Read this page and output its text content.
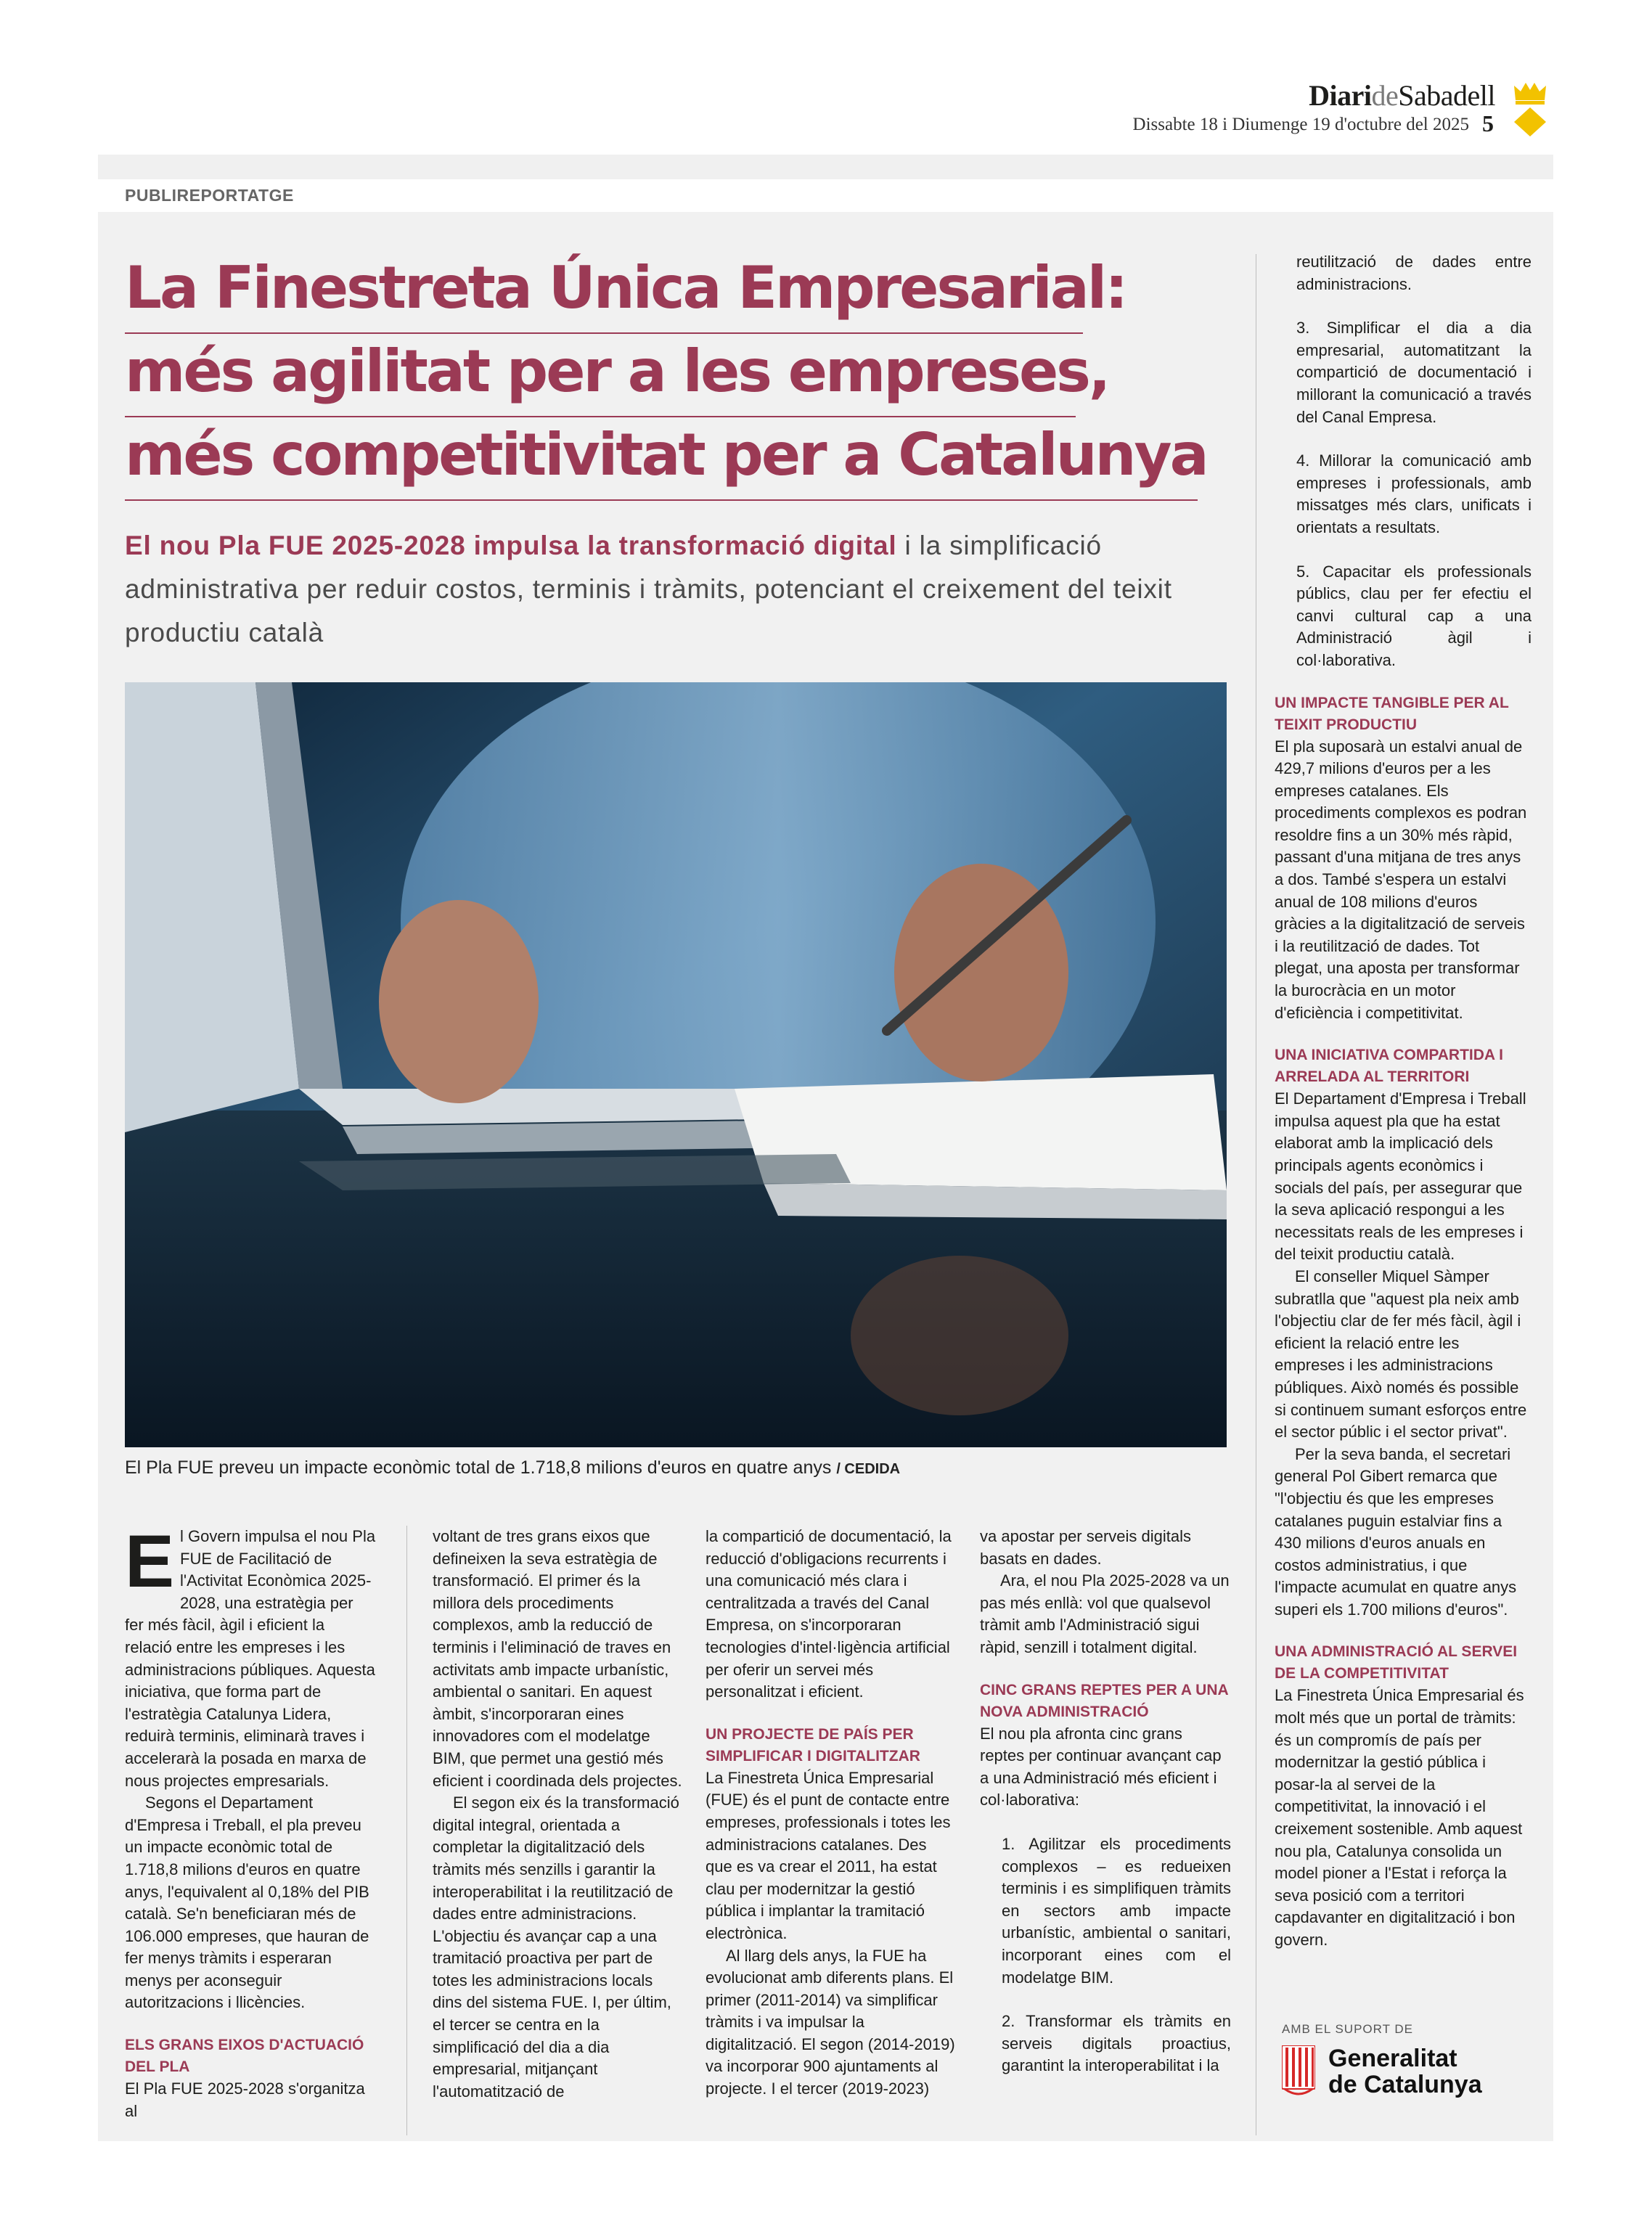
DiarideSabadell
Dissabte 18 i Diumenge 19 d'octubre del 2025 5
PUBLIREPORTATGE
La Finestreta Única Empresarial:
més agilitat per a les empreses,
més competitivitat per a Catalunya
El nou Pla FUE 2025-2028 impulsa la transformació digital i la simplificació administrativa per reduir costos, terminis i tràmits, potenciant el creixement del teixit productiu català
El Pla FUE preveu un impacte econòmic total de 1.718,8 milions d'euros en quatre anys / CEDIDA
E l Govern impulsa el nou Pla FUE de Facilitació de l'Activitat Econòmica 2025-2028, una estratègia per fer més fàcil, àgil i eficient la relació entre les empreses i les administracions públiques. Aquesta iniciativa, que forma part de l'estratègia Catalunya Lidera, reduirà terminis, eliminarà traves i accelerarà la posada en marxa de nous projectes empresarials.

Segons el Departament d'Empresa i Treball, el pla preveu un impacte econòmic total de 1.718,8 milions d'euros en quatre anys, l'equivalent al 0,18% del PIB català. Se'n beneficiaran més de 106.000 empreses, que hauran de fer menys tràmits i esperaran menys per aconseguir autoritzacions i llicències.

ELS GRANS EIXOS D'ACTUACIÓ DEL PLA

El Pla FUE 2025-2028 s'organitza al

voltant de tres grans eixos que defineixen la seva estratègia de transformació. El primer és la millora dels procediments complexos, amb la reducció de terminis i l'eliminació de traves en activitats amb impacte urbanístic, ambiental o sanitari. En aquest àmbit, s'incorporaran eines innovadores com el modelatge BIM, que permet una gestió més eficient i coordinada dels projectes.

El segon eix és la transformació digital integral, orientada a completar la digitalització dels tràmits més senzills i garantir la interoperabilitat i la reutilització de dades entre administracions. L'objectiu és avançar cap a una tramitació proactiva per part de totes les administracions locals dins del sistema FUE. I, per últim, el tercer se centra en la simplificació del dia a dia empresarial, mitjançant l'automatització de

la compartició de documentació, la reducció d'obligacions recurrents i una comunicació més clara i centralitzada a través del Canal Empresa, on s'incorporaran tecnologies d'intel·ligència artificial per oferir un servei més personalitzat i eficient.

UN PROJECTE DE PAÍS PER SIMPLIFICAR I DIGITALITZAR

La Finestreta Única Empresarial (FUE) és el punt de contacte entre empreses, professionals i totes les administracions catalanes. Des que es va crear el 2011, ha estat clau per modernitzar la gestió pública i implantar la tramitació electrònica.

Al llarg dels anys, la FUE ha evolucionat amb diferents plans. El primer (2011-2014) va simplificar tràmits i va impulsar la digitalització. El segon (2014-2019) va incorporar 900 ajuntaments al projecte. I el tercer (2019-2023)

va apostar per serveis digitals basats en dades.

Ara, el nou Pla 2025-2028 va un pas més enllà: vol que qualsevol tràmit amb l'Administració sigui ràpid, senzill i totalment digital.

CINC GRANS REPTES PER A UNA NOVA ADMINISTRACIÓ

El nou pla afronta cinc grans reptes per continuar avançant cap a una Administració més eficient i col·laborativa:

1. Agilitzar els procediments complexos – es redueixen terminis i es simplifiquen tràmits en sectors amb impacte urbanístic, ambiental o sanitari, incorporant eines com el modelatge BIM.

2. Transformar els tràmits en serveis digitals proactius, garantint la interoperabilitat i la

reutilització de dades entre administracions.

3. Simplificar el dia a dia empresarial, automatitzant la compartició de documentació i millorant la comunicació a través del Canal Empresa.

4. Millorar la comunicació amb empreses i professionals, amb missatges més clars, unificats i orientats a resultats.

5. Capacitar els professionals públics, clau per fer efectiu el canvi cultural cap a una Administració àgil i col·laborativa.

UN IMPACTE TANGIBLE PER AL TEIXIT PRODUCTIU

El pla suposarà un estalvi anual de 429,7 milions d'euros per a les empreses catalanes. Els procediments complexos es podran resoldre fins a un 30% més ràpid, passant d'una mitjana de tres anys a dos. També s'espera un estalvi anual de 108 milions d'euros gràcies a la digitalització de serveis i la reutilització de dades. Tot plegat, una aposta per transformar la burocràcia en un motor d'eficiència i competitivitat.

UNA INICIATIVA COMPARTIDA I ARRELADA AL TERRITORI

El Departament d'Empresa i Treball impulsa aquest pla que ha estat elaborat amb la implicació dels principals agents econòmics i socials del país, per assegurar que la seva aplicació respongui a les necessitats reals de les empreses i del teixit productiu català.

El conseller Miquel Sàmper subratlla que "aquest pla neix amb l'objectiu clar de fer més fàcil, àgil i eficient la relació entre les empreses i les administracions públiques. Això només és possible si continuem sumant esforços entre el sector públic i el sector privat".

Per la seva banda, el secretari general Pol Gibert remarca que "l'objectiu és que les empreses catalanes puguin estalviar fins a 430 milions d'euros anuals en costos administratius, i que l'impacte acumulat en quatre anys superi els 1.700 milions d'euros".

UNA ADMINISTRACIÓ AL SERVEI DE LA COMPETITIVITAT

La Finestreta Única Empresarial és molt més que un portal de tràmits: és un compromís de país per modernitzar la gestió pública i posar-la al servei de la competitivitat, la innovació i el creixement sostenible. Amb aquest nou pla, Catalunya consolida un model pioner a l'Estat i reforça la seva posició com a territori capdavanter en digitalització i bon govern.

AMB EL SUPORT DE
Generalitat
de Catalunya
